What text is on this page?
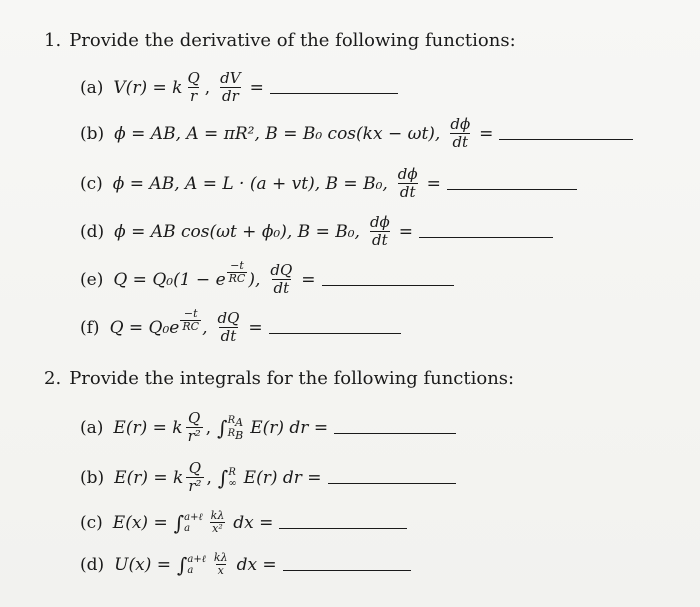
1. Provide the derivative of the following functions:
(a) V(r) = k $\frac{Q}{r}$ , $\frac{dV}{dr}$ =
(b) ϕ = AB, A = πR², B = B₀ cos(kx − ωt), $\frac{d\phi}{dt}$ =
(c) ϕ = AB, A = L · (a + vt), B = B₀, $\frac{d\phi}{dt}$ =
(d) ϕ = AB cos(ωt + ϕ₀), B = B₀, $\frac{d\phi}{dt}$ =
(e) Q = Q₀(1 − e $\frac{-t}{RC}$ ), $\frac{dQ}{dt}$ =
(f) $Q = Q_0e \frac{-t}{RC}$ , $\frac{dQ}{dt}$ =
2. Provide the integrals for the following functions:
(a) E(r) = k $\frac{Q}{\text{r²}}$ , ∫ RA
RB E(r) dr =
(b) E(r) = k $\frac{Q}{\text{r²}}$ , ∫ R
∞ E(r) dr =
(c) E(x) = ∫ a+ℓ
a	$\frac{k\lambda}{\text{x²}}$ dx =
(d) U(x) = ∫ a+ℓ
a	$\frac{k\lambda}{x}$ dx =
